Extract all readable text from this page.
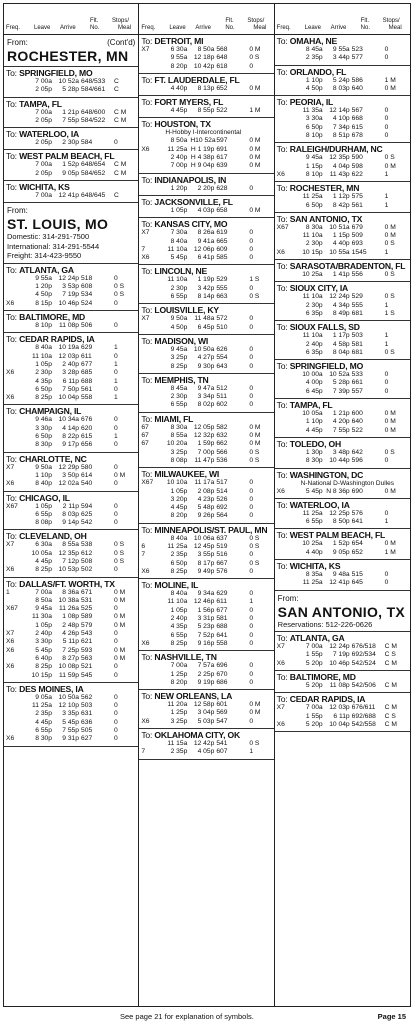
Freq. Leave Arrive
Flt.
No.
Stops/
Meal
From:	(Cont'd)
ROCHESTER, MN
To: SPRINGFIELD, MO
7 00a 10 52a 648/533 C
2 05p	5 28p 584/661 C
To: TAMPA, FL
7 00a	1 21p 648/600 C M
2 05p	7 55p 584/522 C M
To: WATERLOO, IA
2 05p	2 30p 584	0
To: WEST PALM BEACH, FL
7 00a	1 52p 648/654 C M
2 05p	9 05p 584/652 C M
To: WICHITA, KS
7 00a 12 41p 648/645 C
From:
ST. LOUIS, MO
Domestic: 314-291-7500
International: 314-291-5544
Freight: 314-423-9550
To: ATLANTA, GA
9 55a 12 24p 518	0
1 20p	3 53p 608	0 S
4 50p	7 19p 534	0 S
X6	8 15p 10 46p 524	0
To: BALTIMORE, MD
8 10p	11 08p 506	0
To: CEDAR RAPIDS, IA
8 40a 10 19a 629	1
11 10a 12 03p 611	0
1 05p	2 40p 677	1
X6	2 30p	3 28p 685	0
4 35p	6 11p 688	1
6 50p	7 50p 561	0
X6	8 25p 10 04p 558	1
To: CHAMPAIGN, IL
9 46a 10 34a 676	0
3 30p	4 14p 620	0
6 50p	8 22p 615	1
8 30p	9 17p 656	0
To: CHARLOTTE, NC
X7	9 50a 12 29p 580	0
1 10p	3 50p 614	0 M
X6	8 40p 12 02a 540	0
To: CHICAGO, IL
X67	1 05p	2 11p 594	0
6 55p	8 03p 625	0
8 08p	9 14p 542	0
To: CLEVELAND, OH
X7	6 30a	8 55a 538	0 S
10 05a 12 35p 612	0 S
4 45p	7 12p 508	0 S
X6	8 25p 10 53p 502	0
To: DALLAS/FT. WORTH, TX
1	7 00a	8 36a 671	0 M
8 50a 10 38a 531	0 M
X67	9 45a	11 26a 525	0
11 30a	1 08p 589	0 M
1 05p	2 48p 579	0 M
X7	2 40p	4 26p 543	0
X6	3 30p	5 11p 621	0
X6	5 45p	7 25p 593	0 M
6 40p	8 27p 563	0 M
X6	8 25p 10 08p 521	0
10 15p	11 59p 545	0
To: DES MOINES, IA
9 05a 10 50a 562	0
11 25a 12 10p 503	0
2 35p	3 35p 631	0
4 45p	5 45p 636	0
6 55p	7 55p 505	0
X6	8 30p	9 31p 627	0
Freq. Leave Arrive
Flt.
No.
Stops/
Meal
To: DETROIT, MI
X7	6 30a	8 50a 568	0 M
9 55a 12 18p 648	0 S
8 20p 10 42p 618	0
To: FT. LAUDERDALE, FL
4 40p	8 13p 652	0 M
To: FORT MYERS, FL
4 45p	8 55p 522	1 M
To: HOUSTON, TX
H-Hobby I-Intercontinental
8 50a H10 52a 597	0 M
X6	11 25a H 1 19p 691	0 M
2 40p H 4 38p 617	0 M
7 00p H 9 04p 639	0 M
To: INDIANAPOLIS, IN
1 20p	2 20p 628	0
To: JACKSONVILLE, FL
1 05p	4 03p 658	0 M
To: KANSAS CITY, MO
X7	7 30a	8 26a 619	0
8 40a	9 41a 665	0
7	11 10a 12 06p 609	0
X6	5 45p	6 41p 585	0
To: LINCOLN, NE
11 10a	1 19p 529	1 S
2 30p	3 42p 555	0
6 55p	8 14p 663	0 S
To: LOUISVILLE, KY
X7	9 50a	11 48a 572	0
4 50p	6 45p 510	0
To: MADISON, WI
9 45a 10 50a 626	0
3 25p	4 27p 554	0
8 25p	9 30p 643	0
To: MEMPHIS, TN
8 45a	9 47a 512	0
2 30p	3 34p 511	0
6 55p	8 02p 602	0
To: MIAMI, FL
67	8 30a 12 05p 582	0 M
67	8 55a 12 32p 632	0 M
67	10 20a	1 59p 662	0 M
3 25p	7 00p 566	0 S
8 08p	11 47p 536	0 S
To: MILWAUKEE, WI
X67 10 10a	11 17a 517	0
1 05p	2 08p 514	0
3 20p	4 23p 526	0
4 45p	5 48p 692	0
8 20p	9 26p 564	0
To: MINNEAPOLIS/ST. PAUL, MN
8 40a 10 06a 637	0 S
6	11 25a 12 45p 519	0 S
7	2 35p	3 55p 516	0
6 50p	8 17p 667	0 S
X6	8 25p	9 49p 576	0
To: MOLINE, IL
8 40a	9 34a 629	0
11 10a 12 46p 611	1
1 05p	1 56p 677	0
2 40p	3 31p 581	0
4 35p	5 23p 688	0
6 55p	7 52p 641	0
X6	8 25p	9 16p 558	0
To: NASHVILLE, TN
7 00a	7 57a 696	0
1 25p	2 25p 670	0
8 20p	9 19p 686	0
To: NEW ORLEANS, LA
11 20a 12 58p 601	0 M
1 25p	3 04p 569	0 M
X6	3 25p	5 03p 547	0
To: OKLAHOMA CITY, OK
11 15a 12 42p 541	0 S
7	2 35p	4 05p 607	1
Freq. Leave Arrive
Flt.
No.
Stops/
Meal
To: OMAHA, NE
8 45a	9 55a 523	0
2 35p	3 44p 577	0
To: ORLANDO, FL
1 10p	5 24p 586	1 M
4 50p	8 03p 640	0 M
To: PEORIA, IL
11 35a 12 14p 567	0
3 30a	4 10p 668	0
6 50p	7 34p 615	0
8 10p	8 51p 678	0
To: RALEIGH/DURHAM, NC
9 45a 12 35p 590	0 S
1 15p	4 04p 598	0 M
X6	8 10p	11 43p 622	1
To: ROCHESTER, MN
11 25a	1 12p 575	1
6 50p	8 42p 561	1
To: SAN ANTONIO, TX
X67	8 30a 10 51a 679	0 M
11 10a	1 15p 509	0 M
2 30p	4 40p 693	0 S
X6	10 15p 10 55a 1545	1
To: SARASOTA/BRADENTON, FL
10 25a	1 41p 556	0 S
To: SIOUX CITY, IA
11 10a 12 24p 529	0 S
2 30p	4 34p 555	1
6 35p	8 49p 681	1 S
To: SIOUX FALLS, SD
11 10a	1 17p 503	1
2 40p	4 58p 581	1
6 35p	8 04p 681	0 S
To: SPRINGFIELD, MO
10 00a 10 52a 533	0
4 00p	5 28p 661	0
6 45p	7 39p 557	0
To: TAMPA, FL
10 05a	1 21p 600	0 M
1 10p	4 20p 640	0 M
4 45p	7 55p 522	0 M
To: TOLEDO, OH
1 30p	3 48p 642	0 S
8 30p 10 44p 596	0
To: WASHINGTON, DC
N-National D-Washington Dulles
X6	5 45p N 8 36p 690	0 M
To: WATERLOO, IA
11 25a 12 25p 576	0
6 55p	8 50p 641	1
To: WEST PALM BEACH, FL
10 25a	1 52p 654	0 M
4 40p	9 05p 652	1 M
To: WICHITA, KS
8 35a	9 48a 515	0
11 25a 12 41p 645	0
From:
SAN ANTONIO, TX
Reservations: 512-226-0626
To: ATLANTA, GA
X7	7 00a 12 24p 676/518 C M
1 55p	7 19p 692/534 C S
X6	5 20p 10 46p 542/524 C M
To: BALTIMORE, MD
5 20p	11 08p 542/506 C M
To: CEDAR RAPIDS, IA
X7	7 00a 12 03p 676/611 C M
1 55p	6 11p 692/688 C S
X6	5 20p 10 04p 542/558 C M
See page 21 for explanation of symbols.	Page 15
